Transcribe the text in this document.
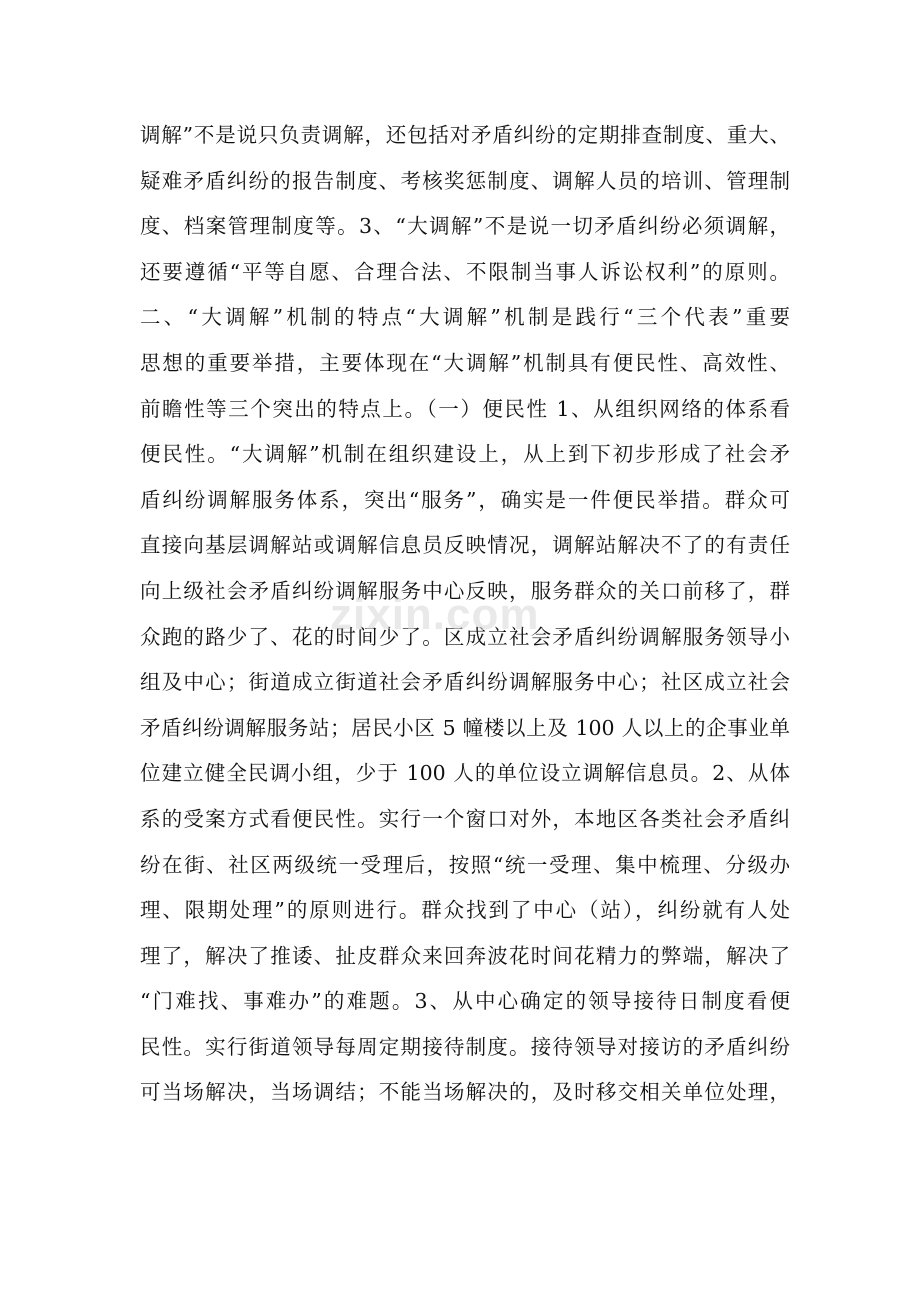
调解”不是说只负责调解，还包括对矛盾纠纷的定期排查制度、重大、
疑难矛盾纠纷的报告制度、考核奖惩制度、调解人员的培训、管理制
度、档案管理制度等。3、“大调解”不是说一切矛盾纠纷必须调解，
还要遵循“平等自愿、合理合法、不限制当事人诉讼权利”的原则。
二、“大调解”机制的特点“大调解”机制是践行“三个代表”重要
思想的重要举措，主要体现在“大调解”机制具有便民性、高效性、
前瞻性等三个突出的特点上。（一）便民性 1、从组织网络的体系看
便民性。“大调解”机制在组织建设上，从上到下初步形成了社会矛
盾纠纷调解服务体系，突出“服务”，确实是一件便民举措。群众可
直接向基层调解站或调解信息员反映情况，调解站解决不了的有责任
向上级社会矛盾纠纷调解服务中心反映，服务群众的关口前移了，群
众跑的路少了、花的时间少了。区成立社会矛盾纠纷调解服务领导小
组及中心；街道成立街道社会矛盾纠纷调解服务中心；社区成立社会
矛盾纠纷调解服务站；居民小区 5 幢楼以上及 100 人以上的企事业单
位建立健全民调小组，少于 100 人的单位设立调解信息员。2、从体
系的受案方式看便民性。实行一个窗口对外，本地区各类社会矛盾纠
纷在街、社区两级统一受理后，按照“统一受理、集中梳理、分级办
理、限期处理”的原则进行。群众找到了中心（站），纠纷就有人处
理了，解决了推诿、扯皮群众来回奔波花时间花精力的弊端，解决了
“门难找、事难办”的难题。3、从中心确定的领导接待日制度看便
民性。实行街道领导每周定期接待制度。接待领导对接访的矛盾纠纷
可当场解决，当场调结；不能当场解决的，及时移交相关单位处理，
zixin.com
